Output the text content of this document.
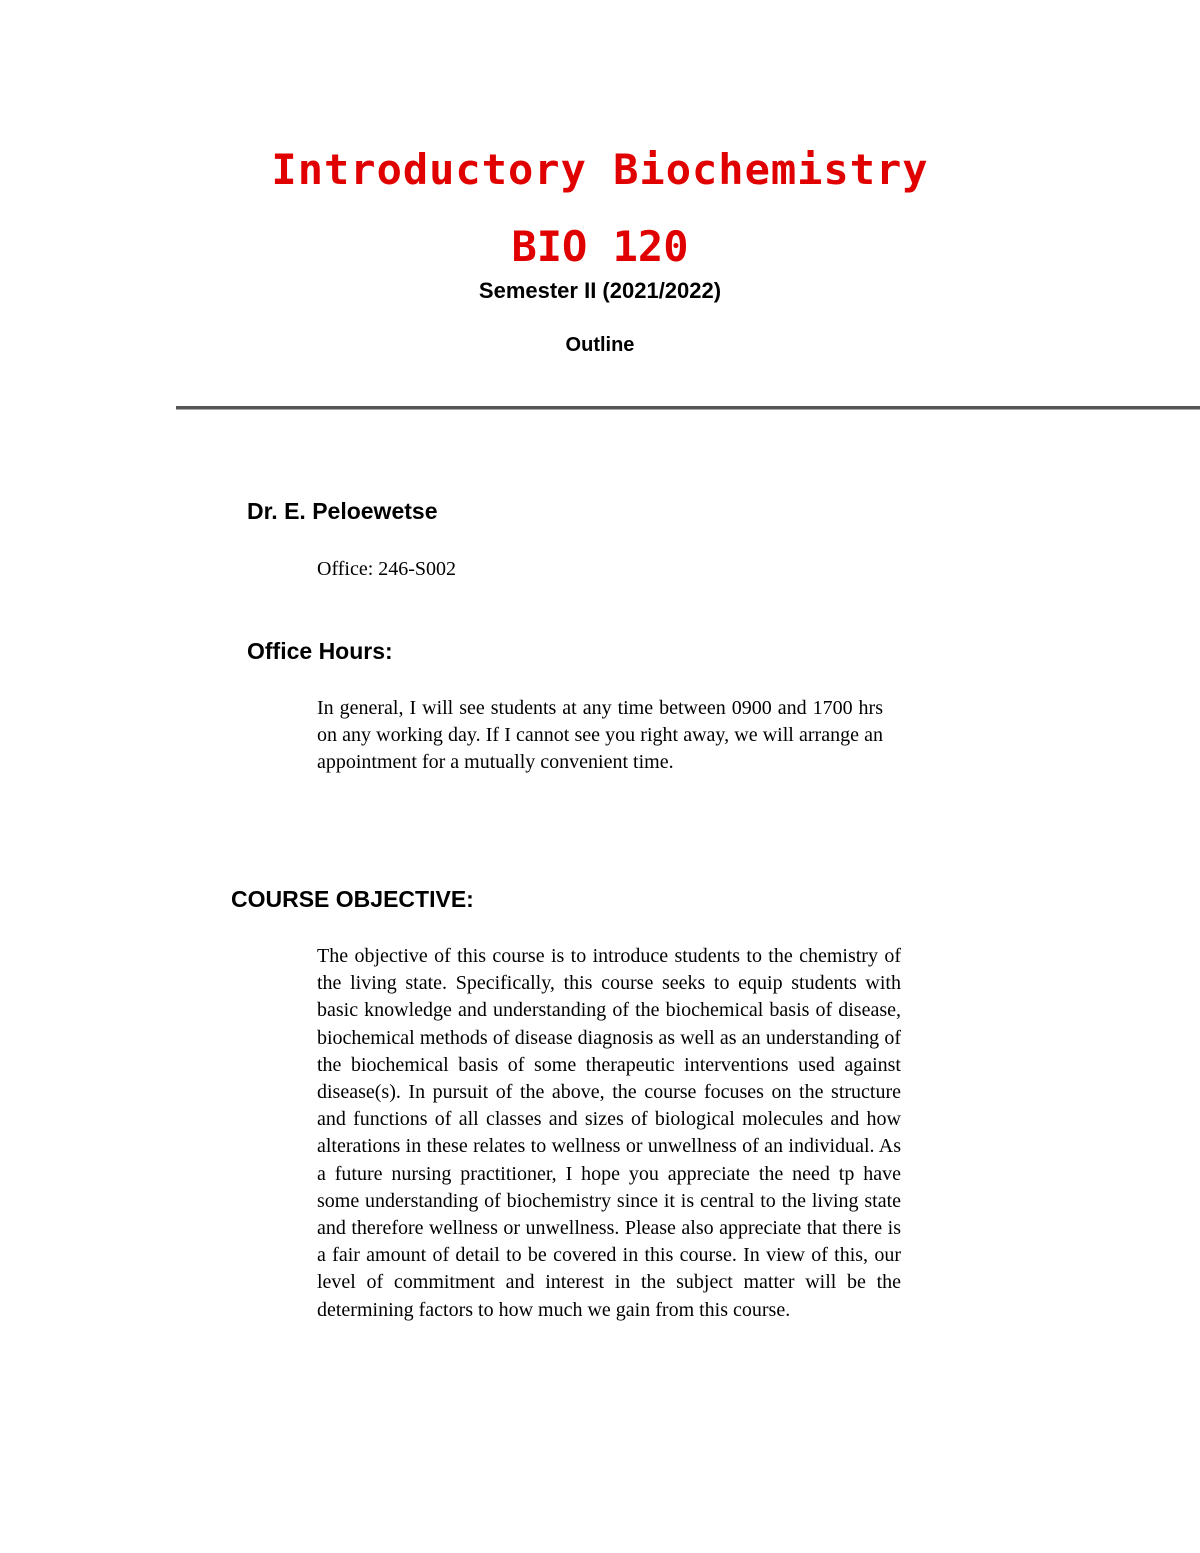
Introductory Biochemistry
BIO 120
Semester II (2021/2022)
Outline
Dr. E. Peloewetse

Office: 246-S002

Office Hours:

In general, I will see students at any time between 0900 and 1700 hrs on any working day. If I cannot see you right away, we will arrange an appointment for a mutually convenient time.

COURSE OBJECTIVE:

The objective of this course is to introduce students to the chemistry of the living state. Specifically, this course seeks to equip students with basic knowledge and understanding of the biochemical basis of disease, biochemical methods of disease diagnosis as well as an understanding of the biochemical basis of some therapeutic interventions used against disease(s). In pursuit of the above, the course focuses on the structure and functions of all classes and sizes of biological molecules and how alterations in these relates to wellness or unwellness of an individual. As a future nursing practitioner, I hope you appreciate the need tp have some understanding of biochemistry since it is central to the living state and therefore wellness or unwellness. Please also appreciate that there is a fair amount of detail to be covered in this course. In view of this, our level of commitment and interest in the subject matter will be the determining factors to how much we gain from this course.
